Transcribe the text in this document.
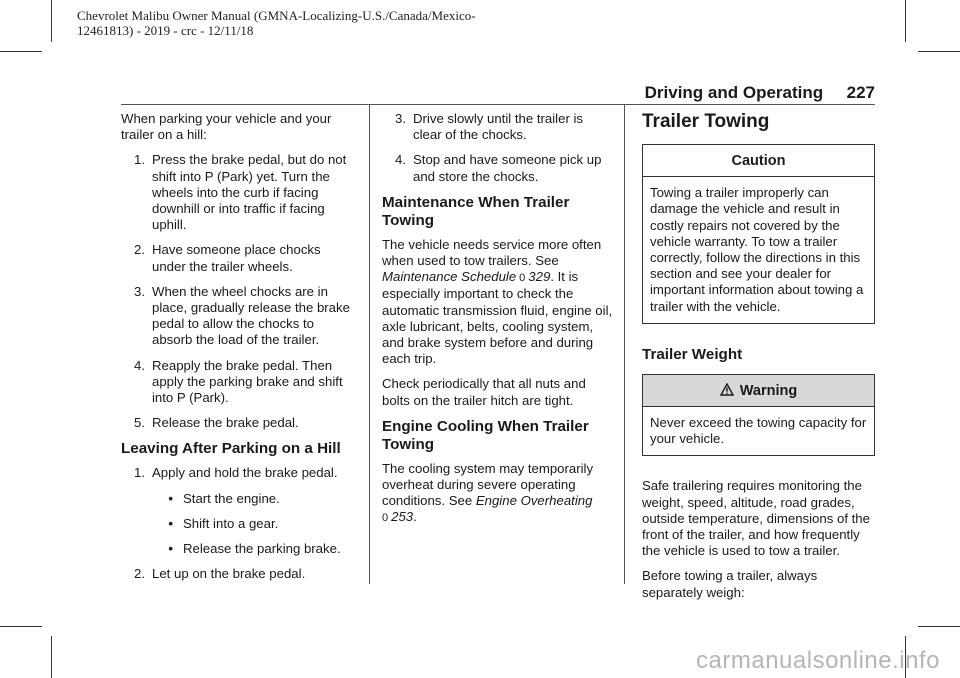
Chevrolet Malibu Owner Manual (GMNA-Localizing-U.S./Canada/Mexico-
12461813) - 2019 - crc - 12/11/18
Driving and Operating 227

When parking your vehicle and your trailer on a hill:

1. Press the brake pedal, but do not shift into P (Park) yet. Turn the wheels into the curb if facing downhill or into traffic if facing uphill.
2. Have someone place chocks under the trailer wheels.
3. When the wheel chocks are in place, gradually release the brake pedal to allow the chocks to absorb the load of the trailer.
4. Reapply the brake pedal. Then apply the parking brake and shift into P (Park).
5. Release the brake pedal.
Leaving After Parking on a Hill
1. Apply and hold the brake pedal.
• Start the engine.
• Shift into a gear.
• Release the parking brake.
2. Let up on the brake pedal.
3. Drive slowly until the trailer is clear of the chocks.
4. Stop and have someone pick up and store the chocks.
Maintenance When Trailer Towing

The vehicle needs service more often when used to tow trailers. See Maintenance Schedule 0 329. It is especially important to check the automatic transmission fluid, engine oil, axle lubricant, belts, cooling system, and brake system before and during each trip.

Check periodically that all nuts and bolts on the trailer hitch are tight.

Engine Cooling When Trailer Towing

The cooling system may temporarily overheat during severe operating conditions. See Engine Overheating
0 253.

Trailer Towing
Caution
Towing a trailer improperly can damage the vehicle and result in costly repairs not covered by the vehicle warranty. To tow a trailer correctly, follow the directions in this section and see your dealer for important information about towing a trailer with the vehicle.
Trailer Weight
Warning
Never exceed the towing capacity for your vehicle.

Safe trailering requires monitoring the weight, speed, altitude, road grades, outside temperature, dimensions of the front of the trailer, and how frequently the vehicle is used to tow a trailer.

Before towing a trailer, always separately weigh:

carmanualsonline.info
